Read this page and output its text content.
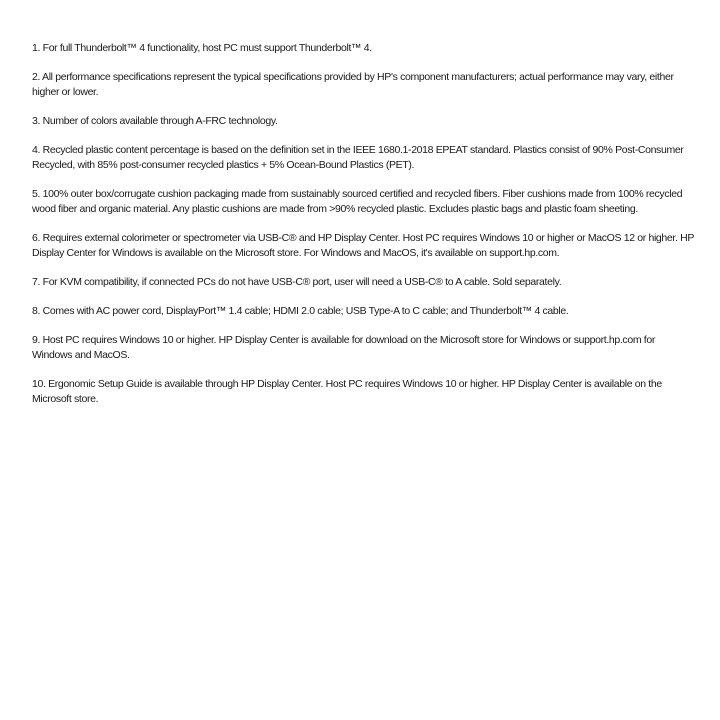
1. For full Thunderbolt™ 4 functionality, host PC must support Thunderbolt™ 4.
2. All performance specifications represent the typical specifications provided by HP's component manufacturers; actual performance may vary, either higher or lower.
3. Number of colors available through A-FRC technology.
4. Recycled plastic content percentage is based on the definition set in the IEEE 1680.1-2018 EPEAT standard. Plastics consist of 90% Post-Consumer Recycled, with 85% post-consumer recycled plastics + 5% Ocean-Bound Plastics (PET).
5. 100% outer box/corrugate cushion packaging made from sustainably sourced certified and recycled fibers. Fiber cushions made from 100% recycled wood fiber and organic material. Any plastic cushions are made from >90% recycled plastic. Excludes plastic bags and plastic foam sheeting.
6. Requires external colorimeter or spectrometer via USB-C® and HP Display Center. Host PC requires Windows 10 or higher or MacOS 12 or higher. HP Display Center for Windows is available on the Microsoft store. For Windows and MacOS, it's available on support.hp.com.
7. For KVM compatibility, if connected PCs do not have USB-C® port, user will need a USB-C® to A cable. Sold separately.
8. Comes with AC power cord, DisplayPort™ 1.4 cable; HDMI 2.0 cable; USB Type-A to C cable; and Thunderbolt™ 4 cable.
9. Host PC requires Windows 10 or higher. HP Display Center is available for download on the Microsoft store for Windows or support.hp.com for Windows and MacOS.
10. Ergonomic Setup Guide is available through HP Display Center. Host PC requires Windows 10 or higher. HP Display Center is available on the Microsoft store.
